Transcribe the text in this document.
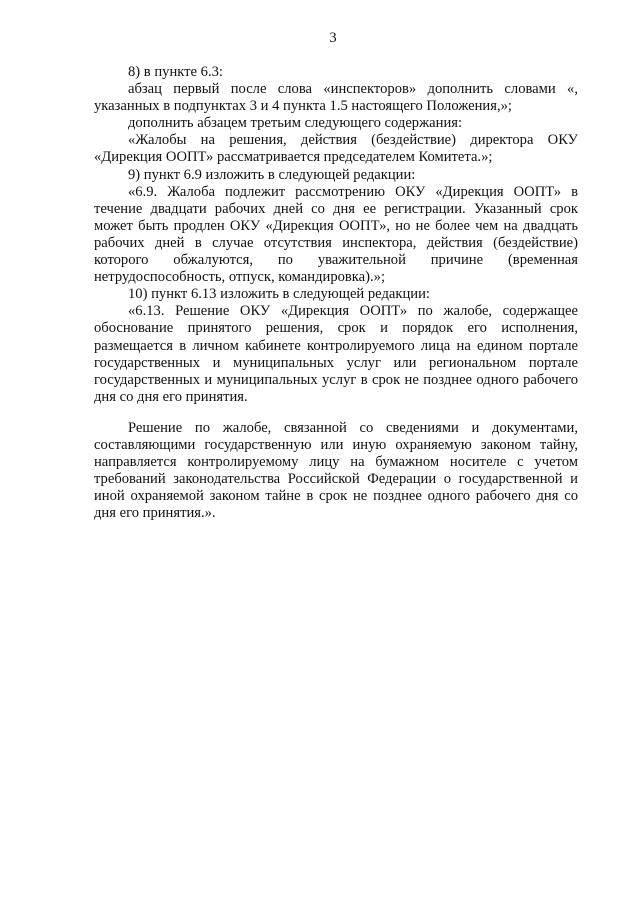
3

8) в пункте 6.3:

абзац первый после слова «инспекторов» дополнить словами «, указанных в подпунктах 3 и 4 пункта 1.5 настоящего Положения,»;

дополнить абзацем третьим следующего содержания:

«Жалобы на решения, действия (бездействие) директора ОКУ «Дирекция ООПТ» рассматривается председателем Комитета.»;

9) пункт 6.9 изложить в следующей редакции:

«6.9. Жалоба подлежит рассмотрению ОКУ «Дирекция ООПТ» в течение двадцати рабочих дней со дня ее регистрации. Указанный срок может быть продлен ОКУ «Дирекция ООПТ», но не более чем на двадцать рабочих дней в случае отсутствия инспектора, действия (бездействие) которого обжалуются, по уважительной причине (временная нетрудоспособность, отпуск, командировка).»;

10) пункт 6.13 изложить в следующей редакции:

«6.13. Решение ОКУ «Дирекция ООПТ» по жалобе, содержащее обоснование принятого решения, срок и порядок его исполнения, размещается в личном кабинете контролируемого лица на едином портале государственных и муниципальных услуг или региональном портале государственных и муниципальных услуг в срок не позднее одного рабочего дня со дня его принятия.

Решение по жалобе, связанной со сведениями и документами, составляющими государственную или иную охраняемую законом тайну, направляется контролируемому лицу на бумажном носителе с учетом требований законодательства Российской Федерации о государственной и иной охраняемой законом тайне в срок не позднее одного рабочего дня со дня его принятия.».
